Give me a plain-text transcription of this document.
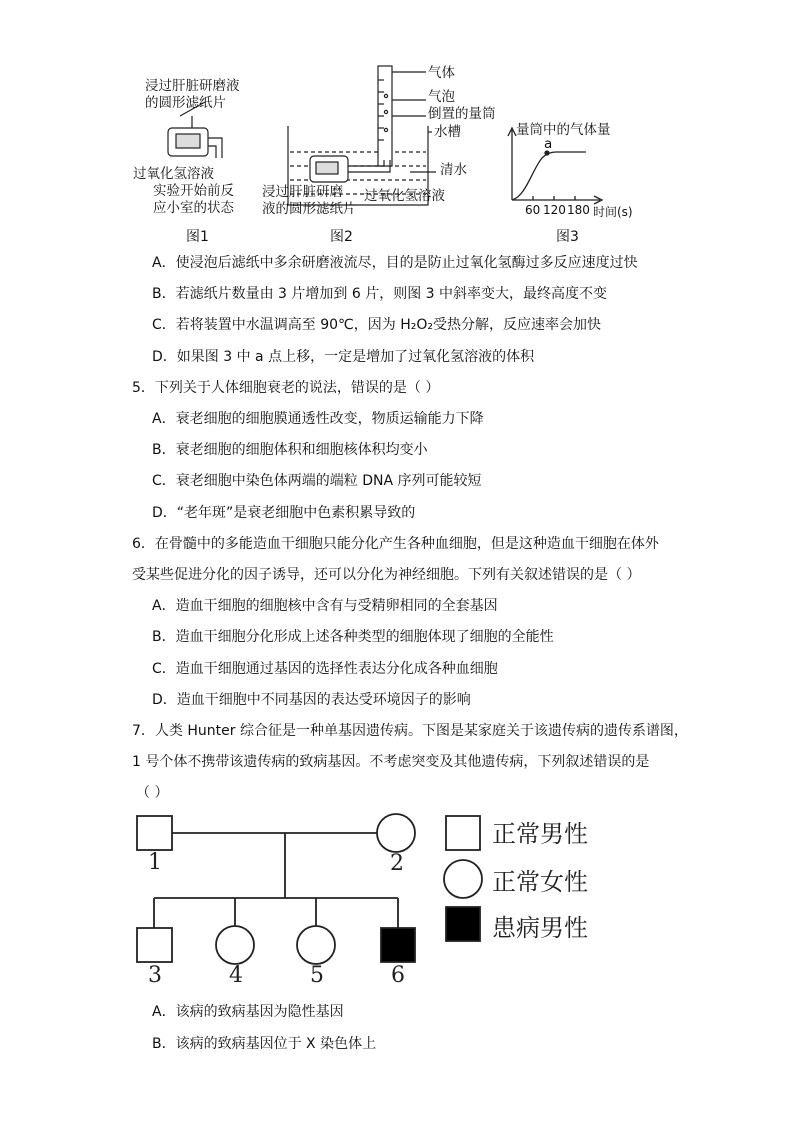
浸过肝脏研磨液
的圆形滤纸片
过氧化氢溶液
实验开始前反
应小室的状态
图1
气体
气泡
倒置的量筒
水槽
清水
浸过肝脏研磨
液的圆形滤纸片
过氧化氢溶液
图2
量筒中的气体量
a
60 120 180 时间(s)
图3
A．使浸泡后滤纸中多余研磨液流尽，目的是防止过氧化氢酶过多反应速度过快
B．若滤纸片数量由 3 片增加到 6 片，则图 3 中斜率变大，最终高度不变
C．若将装置中水温调高至 90℃，因为 H₂O₂受热分解，反应速率会加快
D．如果图 3 中 a 点上移，一定是增加了过氧化氢溶液的体积
5．下列关于人体细胞衰老的说法，错误的是（ ）
A．衰老细胞的细胞膜通透性改变，物质运输能力下降
B．衰老细胞的细胞体积和细胞核体积均变小
C．衰老细胞中染色体两端的端粒 DNA 序列可能较短
D．“老年斑”是衰老细胞中色素积累导致的
6．在骨髓中的多能造血干细胞只能分化产生各种血细胞，但是这种造血干细胞在体外
受某些促进分化的因子诱导，还可以分化为神经细胞。下列有关叙述错误的是（ ）
A．造血干细胞的细胞核中含有与受精卵相同的全套基因
B．造血干细胞分化形成上述各种类型的细胞体现了细胞的全能性
C．造血干细胞通过基因的选择性表达分化成各种血细胞
D．造血干细胞中不同基因的表达受环境因子的影响
7．人类 Hunter 综合征是一种单基因遗传病。下图是某家庭关于该遗传病的遗传系谱图，
1 号个体不携带该遗传病的致病基因。不考虑突变及其他遗传病，下列叙述错误的是
（ ）
1	2
3	4	5	6
正常男性
正常女性
患病男性
A．该病的致病基因为隐性基因
B．该病的致病基因位于 X 染色体上
